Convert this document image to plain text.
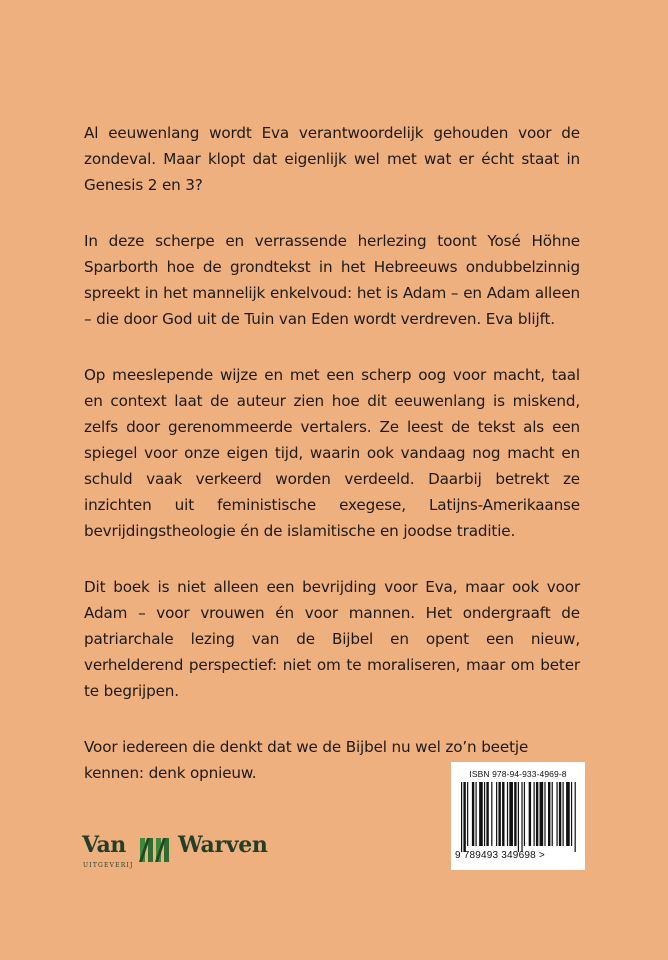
Al eeuwenlang wordt Eva verantwoordelijk gehouden voor de zondeval. Maar klopt dat eigenlijk wel met wat er écht staat in Genesis 2 en 3?

In deze scherpe en verrassende herlezing toont Yosé Höhne Sparborth hoe de grondtekst in het Hebreeuws ondubbelzinnig spreekt in het mannelijk enkelvoud: het is Adam – en Adam alleen – die door God uit de Tuin van Eden wordt verdreven. Eva blijft.

Op meeslepende wijze en met een scherp oog voor macht, taal en context laat de auteur zien hoe dit eeuwenlang is miskend, zelfs door gerenommeerde vertalers. Ze leest de tekst als een spiegel voor onze eigen tijd, waarin ook vandaag nog macht en schuld vaak verkeerd worden verdeeld. Daarbij betrekt ze inzichten uit feministische exegese, Latijns-Amerikaanse bevrijdingstheologie én de islamitische en joodse traditie.

Dit boek is niet alleen een bevrijding voor Eva, maar ook voor Adam – voor vrouwen én voor mannen. Het ondergraaft de patriarchale lezing van de Bijbel en opent een nieuw, verhelderend perspectief: niet om te moraliseren, maar om beter te begrijpen.

Voor iedereen die denkt dat we de Bijbel nu wel zo’n beetje kennen: denk opnieuw.

Van
UITGEVERIJ
Warven
ISBN 978-94-933-4969-8
9 789493 349698 >
